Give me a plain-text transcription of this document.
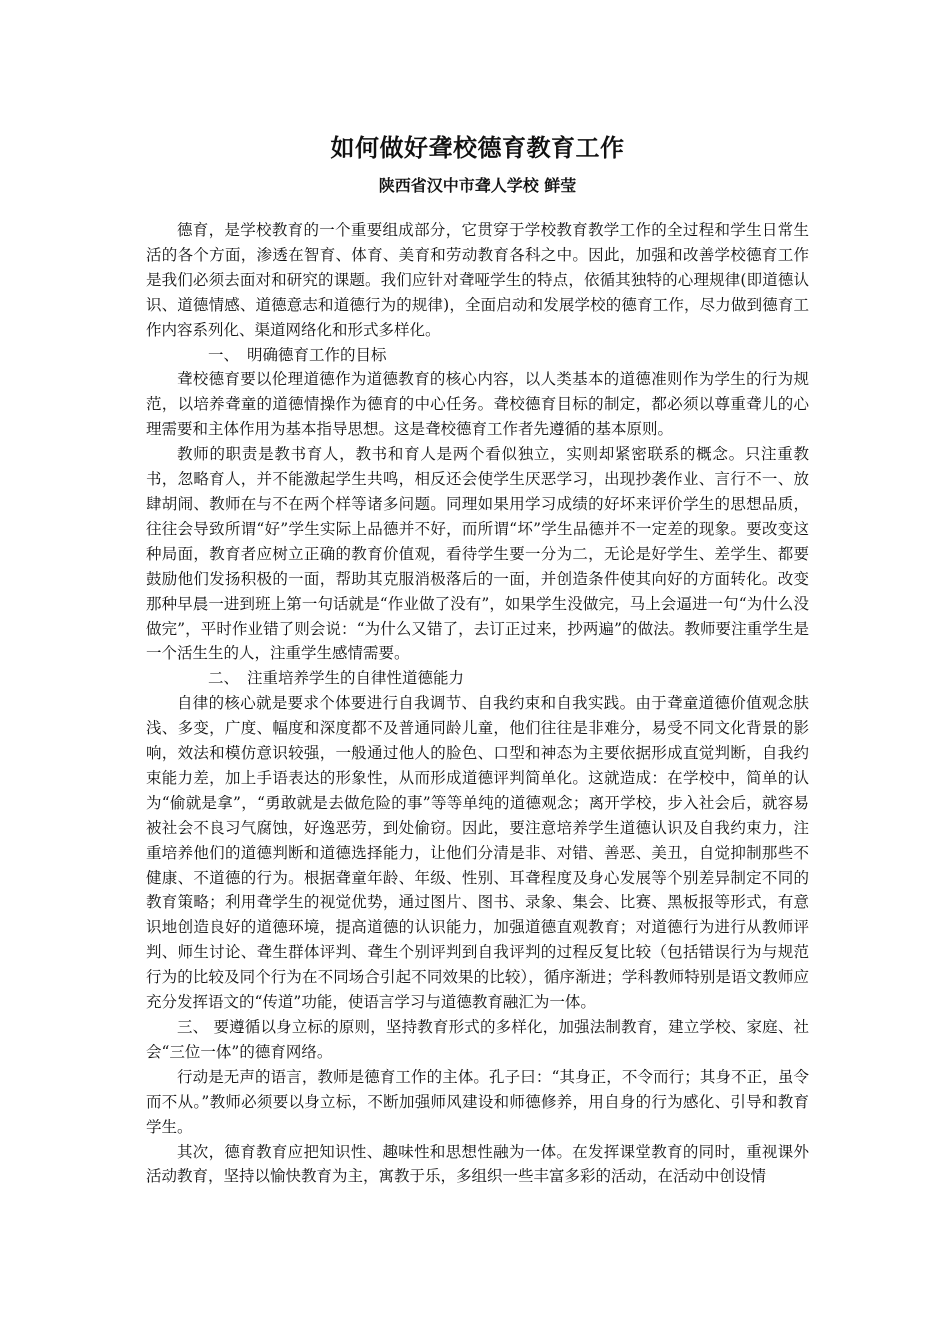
如何做好聋校德育教育工作
陕西省汉中市聋人学校 鲜莹

德育，是学校教育的一个重要组成部分，它贯穿于学校教育教学工作的全过程和学生日常生活的各个方面，渗透在智育、体育、美育和劳动教育各科之中。因此，加强和改善学校德育工作是我们必须去面对和研究的课题。我们应针对聋哑学生的特点，依循其独特的心理规律(即道德认识、道德情感、道德意志和道德行为的规律)，全面启动和发展学校的德育工作，尽力做到德育工作内容系列化、渠道网络化和形式多样化。

一、 明确德育工作的目标

聋校德育要以伦理道德作为道德教育的核心内容，以人类基本的道德准则作为学生的行为规范，以培养聋童的道德情操作为德育的中心任务。聋校德育目标的制定，都必须以尊重聋儿的心理需要和主体作用为基本指导思想。这是聋校德育工作者先遵循的基本原则。

教师的职责是教书育人，教书和育人是两个看似独立，实则却紧密联系的概念。只注重教书，忽略育人，并不能激起学生共鸣，相反还会使学生厌恶学习，出现抄袭作业、言行不一、放肆胡闹、教师在与不在两个样等诸多问题。同理如果用学习成绩的好坏来评价学生的思想品质，往往会导致所谓“好”学生实际上品德并不好，而所谓“坏”学生品德并不一定差的现象。要改变这种局面，教育者应树立正确的教育价值观，看待学生要一分为二，无论是好学生、差学生、都要鼓励他们发扬积极的一面，帮助其克服消极落后的一面，并创造条件使其向好的方面转化。改变那种早晨一进到班上第一句话就是“作业做了没有”，如果学生没做完，马上会逼进一句“为什么没做完”，平时作业错了则会说：“为什么又错了，去订正过来，抄两遍”的做法。教师要注重学生是一个活生生的人，注重学生感情需要。

二、 注重培养学生的自律性道德能力

自律的核心就是要求个体要进行自我调节、自我约束和自我实践。由于聋童道德价值观念肤浅、多变，广度、幅度和深度都不及普通同龄儿童，他们往往是非难分，易受不同文化背景的影响，效法和模仿意识较强，一般通过他人的脸色、口型和神态为主要依据形成直觉判断，自我约束能力差，加上手语表达的形象性，从而形成道德评判简单化。这就造成：在学校中，简单的认为“偷就是拿”，“勇敢就是去做危险的事”等等单纯的道德观念；离开学校，步入社会后，就容易被社会不良习气腐蚀，好逸恶劳，到处偷窃。因此，要注意培养学生道德认识及自我约束力，注重培养他们的道德判断和道德选择能力，让他们分清是非、对错、善恶、美丑，自觉抑制那些不健康、不道德的行为。根据聋童年龄、年级、性别、耳聋程度及身心发展等个别差异制定不同的教育策略；利用聋学生的视觉优势，通过图片、图书、录象、集会、比赛、黑板报等形式，有意识地创造良好的道德环境，提高道德的认识能力，加强道德直观教育；对道德行为进行从教师评判、师生讨论、聋生群体评判、聋生个别评判到自我评判的过程反复比较（包括错误行为与规范行为的比较及同个行为在不同场合引起不同效果的比较），循序渐进；学科教师特别是语文教师应充分发挥语文的“传道”功能，使语言学习与道德教育融汇为一体。

三、 要遵循以身立标的原则，坚持教育形式的多样化，加强法制教育，建立学校、家庭、社会“三位一体”的德育网络。

行动是无声的语言，教师是德育工作的主体。孔子曰：“其身正，不令而行；其身不正，虽令而不从。”教师必须要以身立标，不断加强师风建设和师德修养，用自身的行为感化、引导和教育学生。

其次，德育教育应把知识性、趣味性和思想性融为一体。在发挥课堂教育的同时，重视课外活动教育，坚持以愉快教育为主，寓教于乐，多组织一些丰富多彩的活动，在活动中创设情
